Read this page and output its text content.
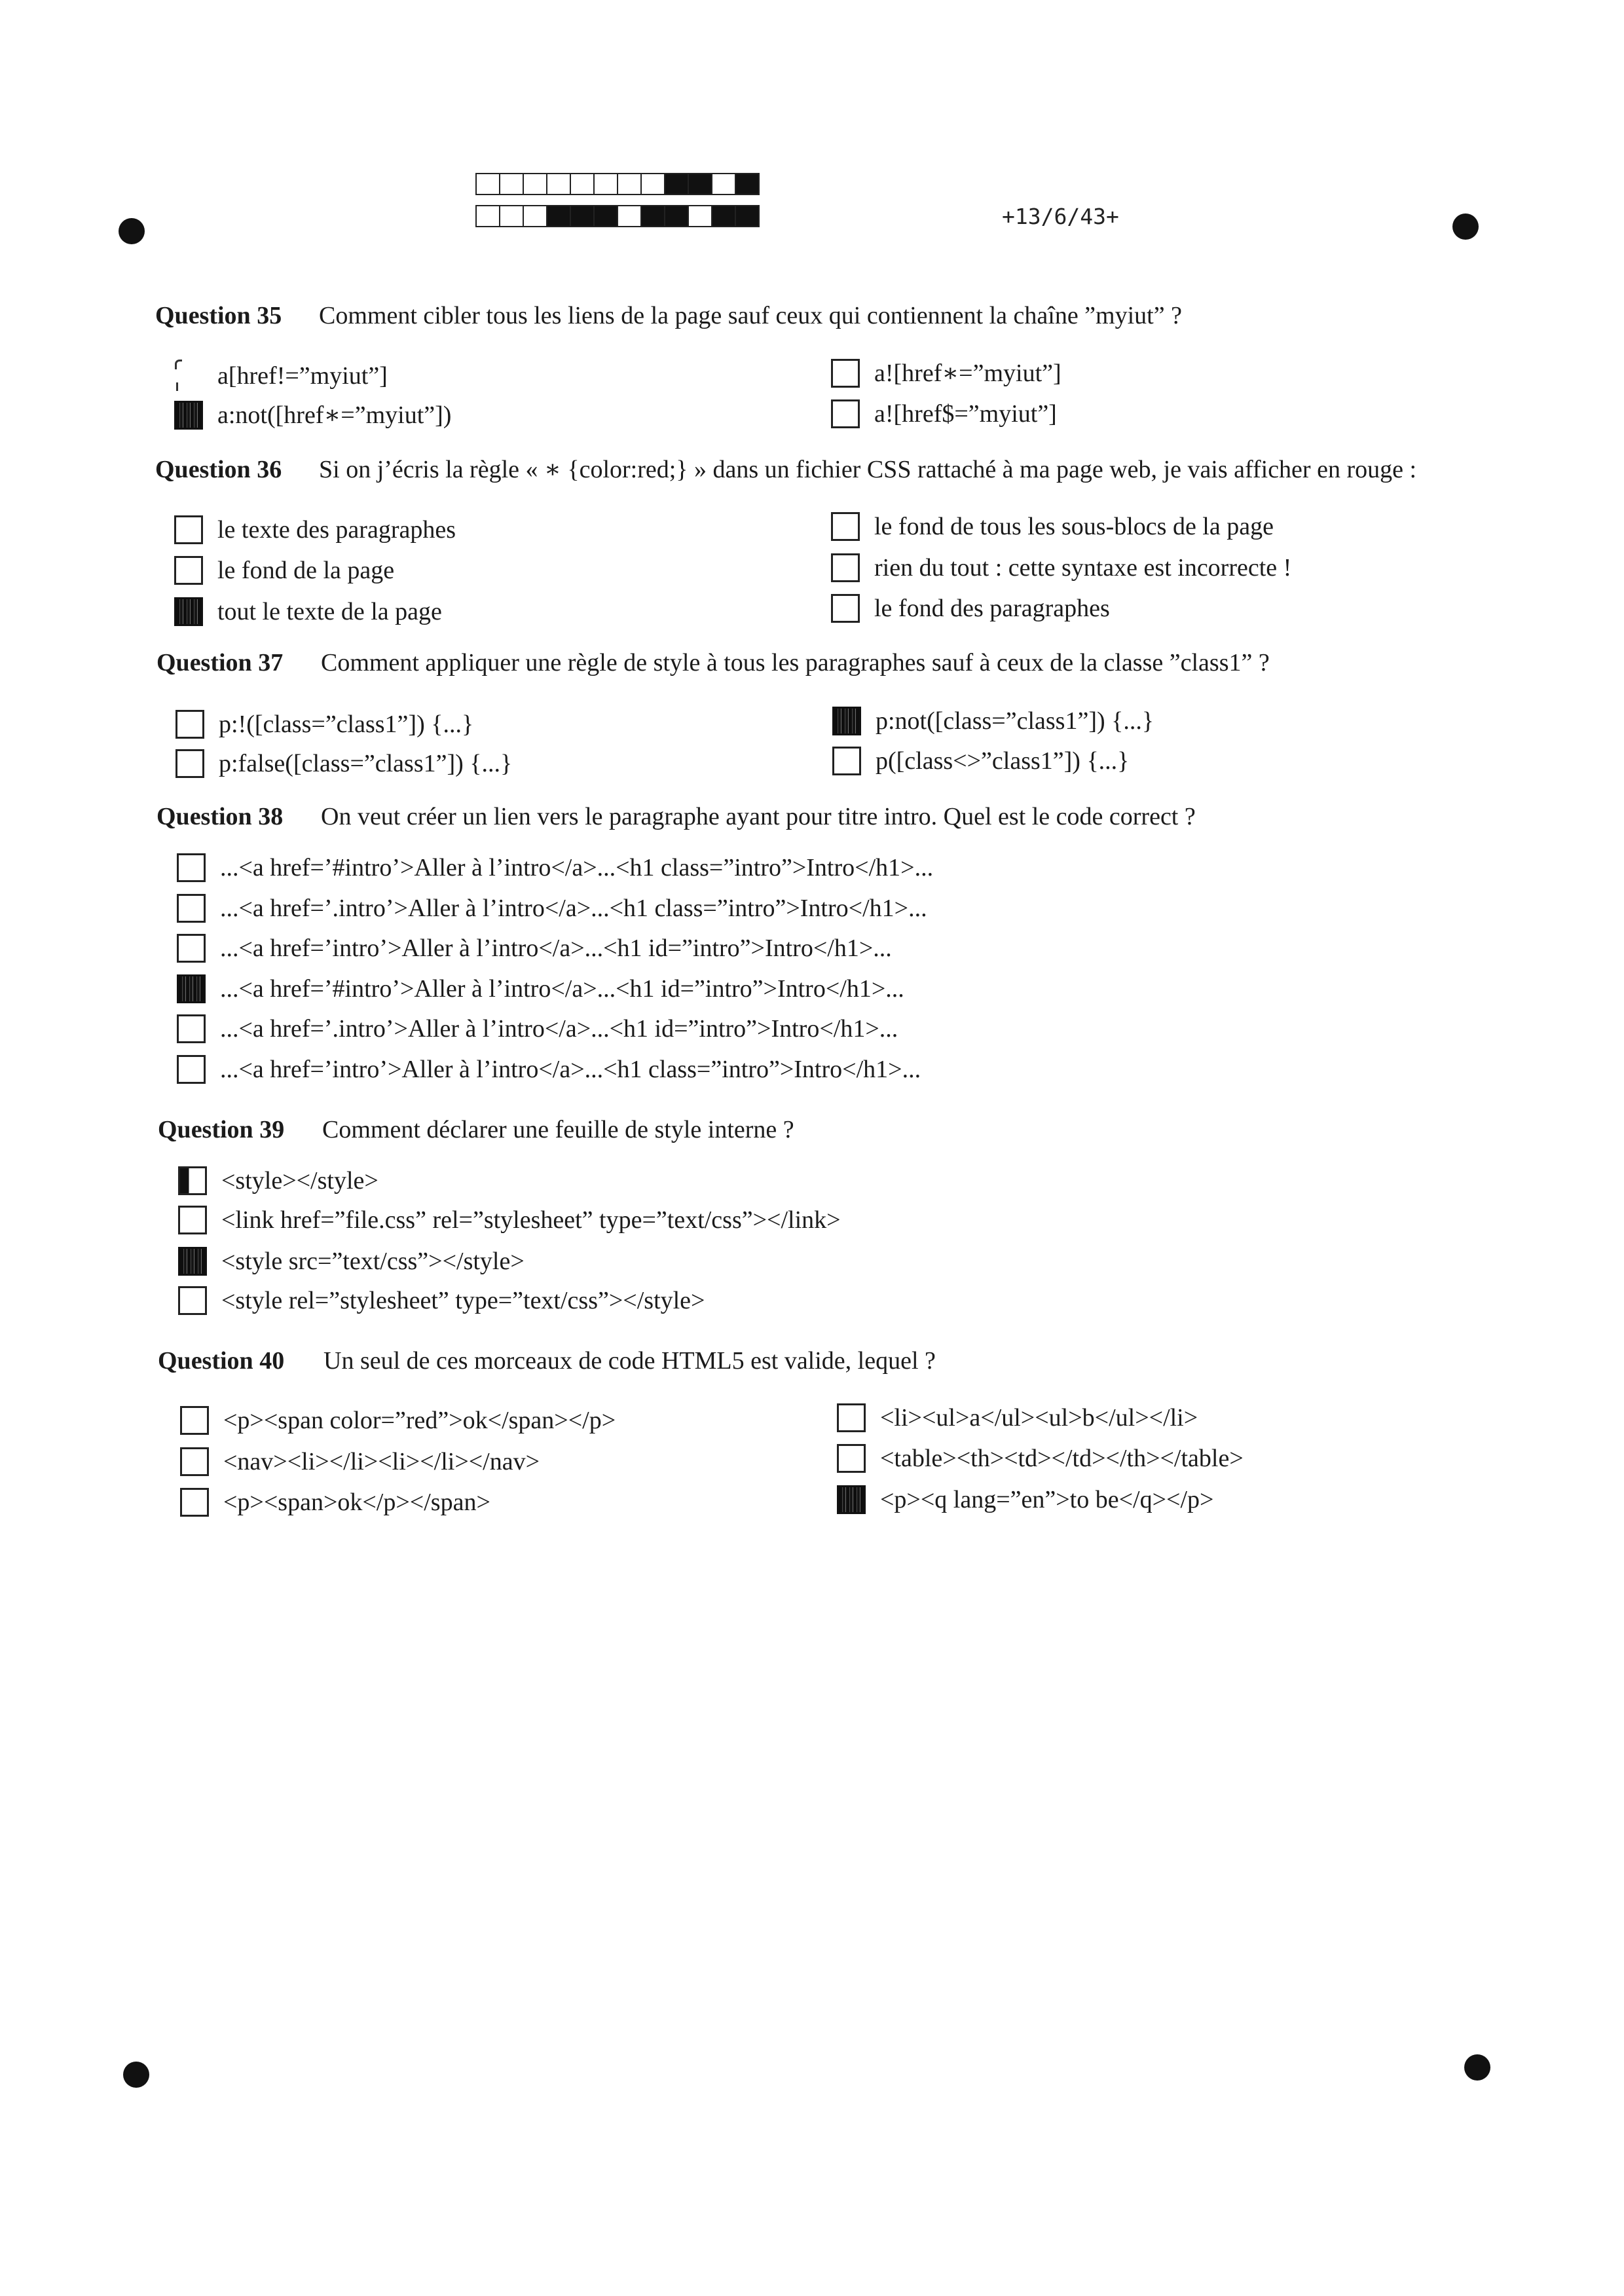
+13/6/43+
Question 35 Comment cibler tous les liens de la page sauf ceux qui contiennent la chaîne ”myiut” ?
a[href!=”myiut”]
a:not([href∗=”myiut”])
a![href∗=”myiut”]
a![href$=”myiut”]
Question 36 Si on j’écris la règle « ∗ {color:red;} » dans un fichier CSS rattaché à ma page web, je vais afficher en rouge :
le texte des paragraphes
le fond de la page
tout le texte de la page
le fond de tous les sous-blocs de la page
rien du tout : cette syntaxe est incorrecte !
le fond des paragraphes
Question 37 Comment appliquer une règle de style à tous les paragraphes sauf à ceux de la classe ”class1” ?
p:!([class=”class1”]) {...}
p:false([class=”class1”]) {...}
p:not([class=”class1”]) {...}
p([class<>”class1”]) {...}
Question 38 On veut créer un lien vers le paragraphe ayant pour titre intro. Quel est le code correct ?
...<a href=’#intro’>Aller à l’intro</a>...<h1 class=”intro”>Intro</h1>...
...<a href=’.intro’>Aller à l’intro</a>...<h1 class=”intro”>Intro</h1>...
...<a href=’intro’>Aller à l’intro</a>...<h1 id=”intro”>Intro</h1>...
...<a href=’#intro’>Aller à l’intro</a>...<h1 id=”intro”>Intro</h1>...
...<a href=’.intro’>Aller à l’intro</a>...<h1 id=”intro”>Intro</h1>...
...<a href=’intro’>Aller à l’intro</a>...<h1 class=”intro”>Intro</h1>...
Question 39 Comment déclarer une feuille de style interne ?
<style></style>
<link href=”file.css” rel=”stylesheet” type=”text/css”></link>
<style src=”text/css”></style>
<style rel=”stylesheet” type=”text/css”></style>
Question 40 Un seul de ces morceaux de code HTML5 est valide, lequel ?
<p><span color=”red”>ok</span></p>
<nav><li></li><li></li></nav>
<p><span>ok</p></span>
<li><ul>a</ul><ul>b</ul></li>
<table><th><td></td></th></table>
<p><q lang=”en”>to be</q></p>
